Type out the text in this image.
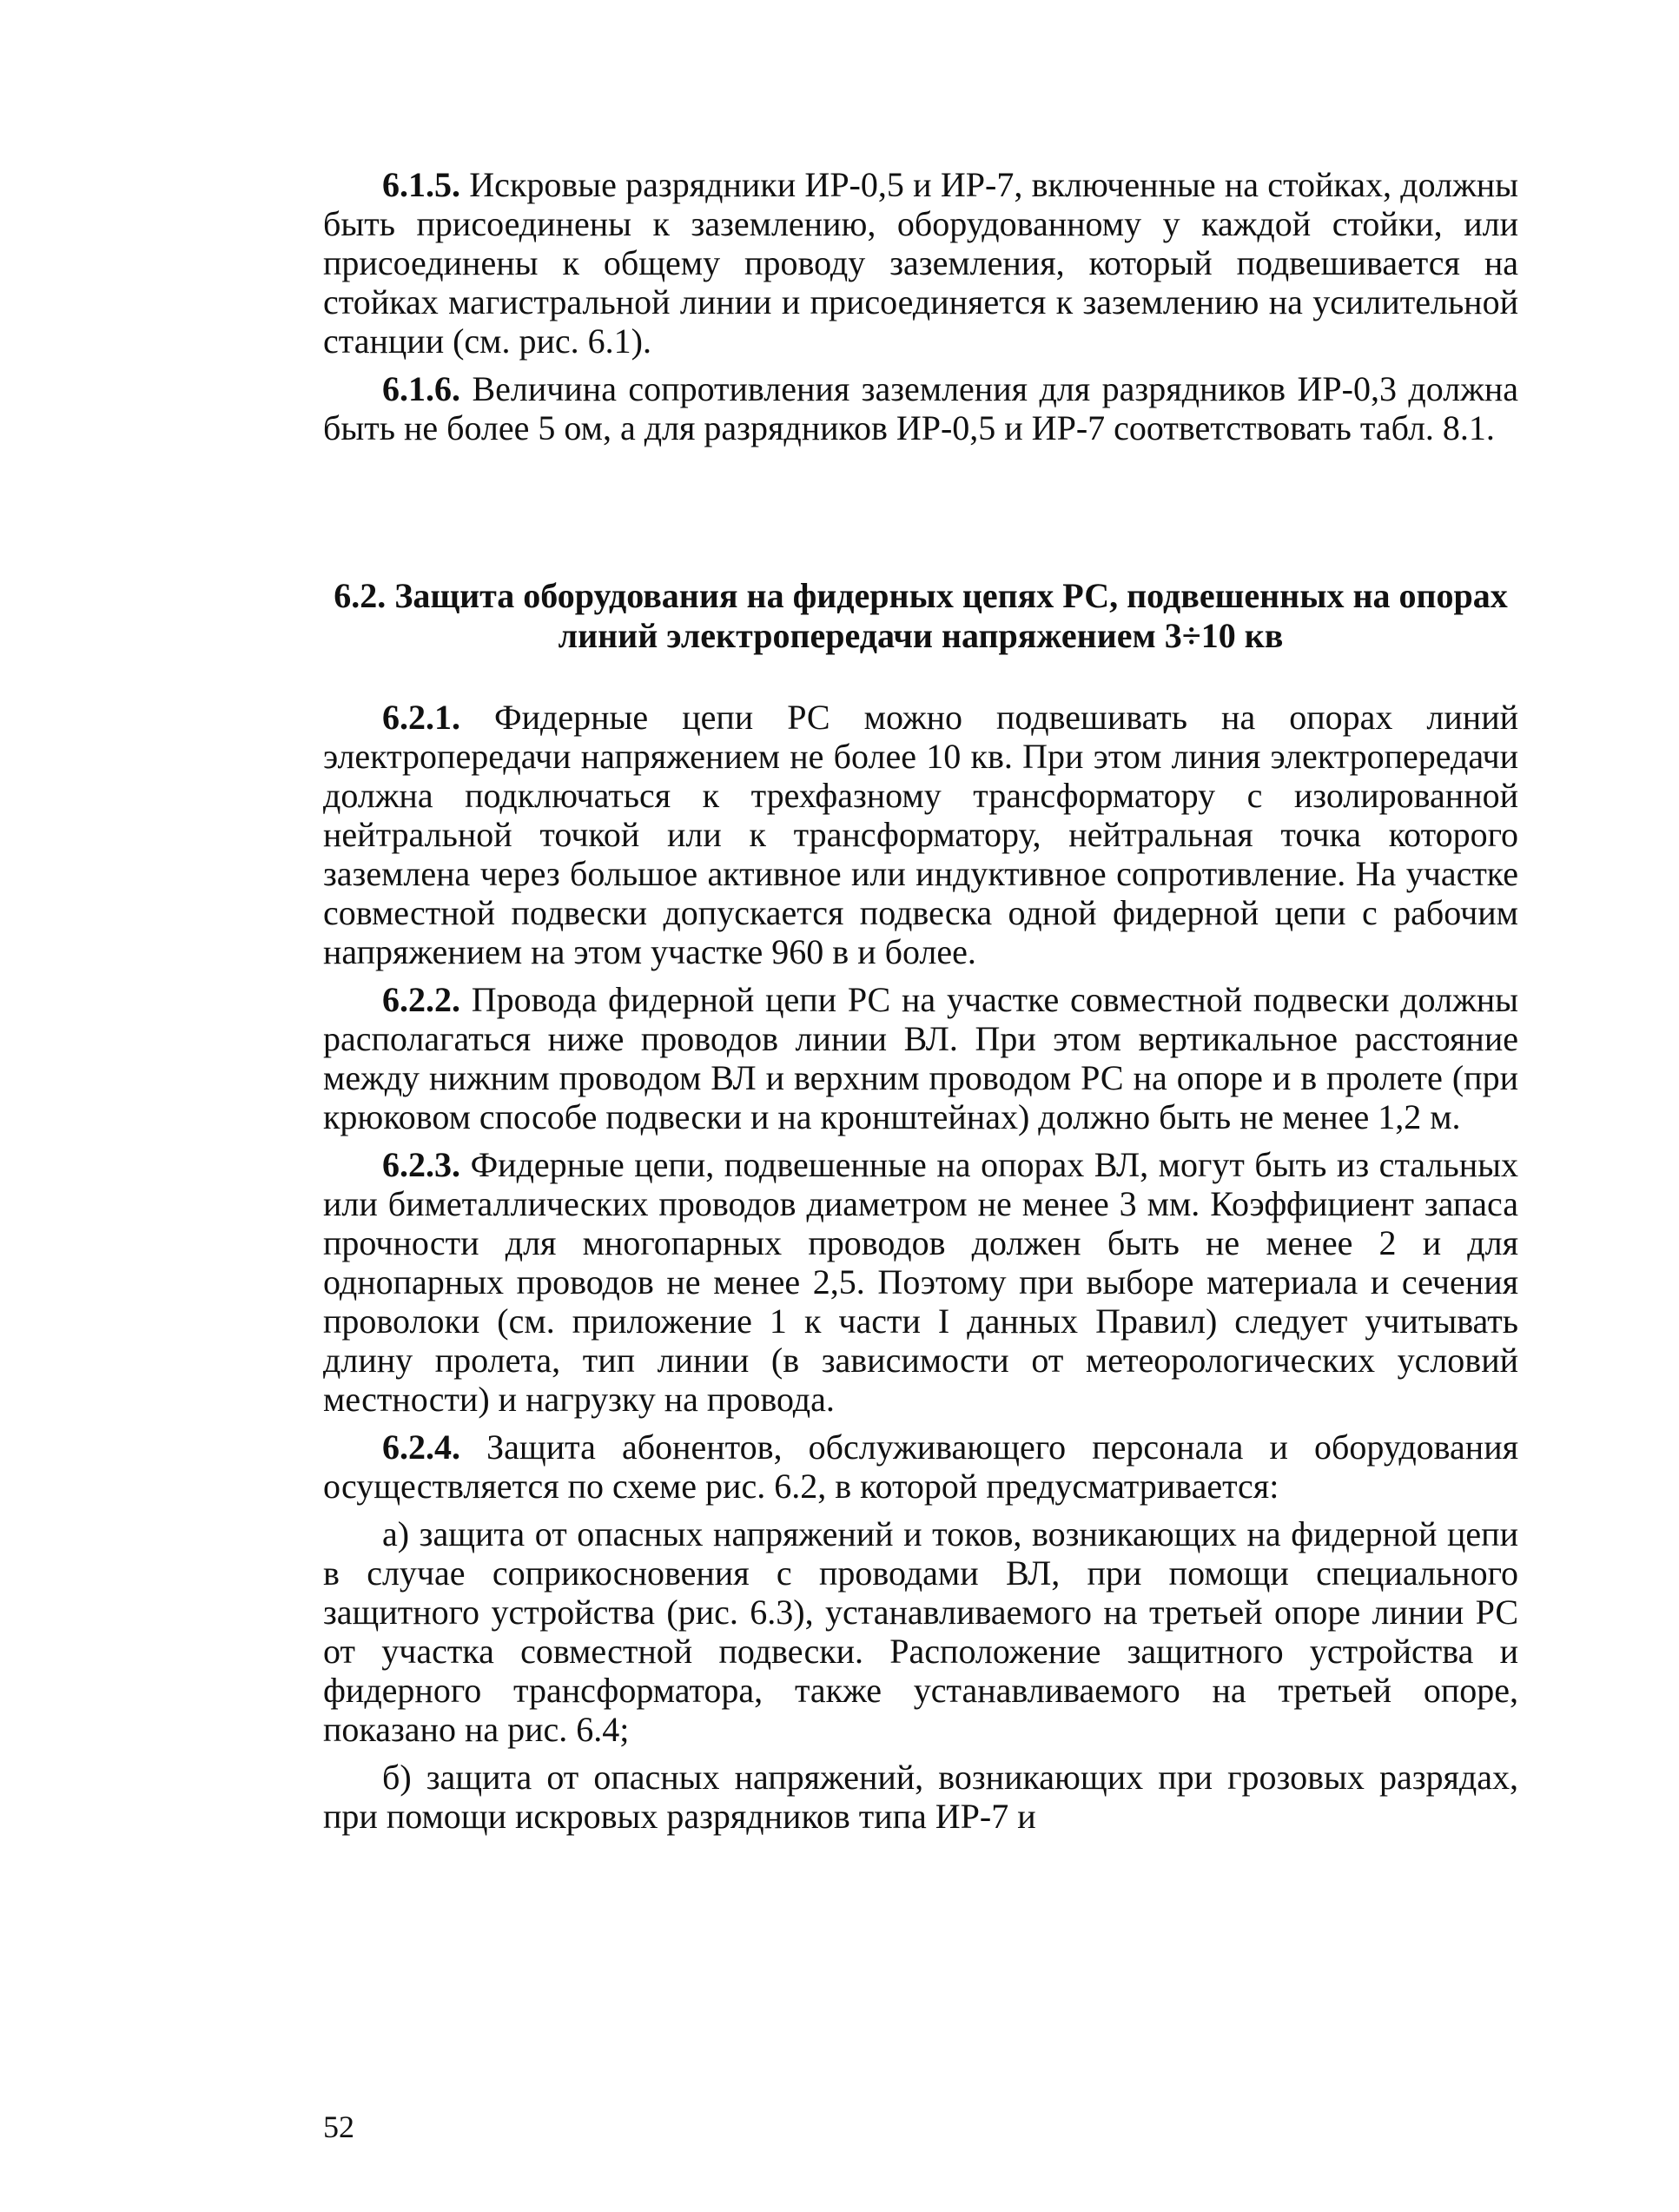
6.1.5. Искровые разрядники ИР-0,5 и ИР-7, включенные на стойках, должны быть присоединены к заземлению, оборудованному у каждой стойки, или присоединены к общему проводу заземления, который подвешивается на стойках магистральной линии и присоединяется к заземлению на усилительной станции (см. рис. 6.1).

6.1.6. Величина сопротивления заземления для разрядников ИР-0,3 должна быть не более 5 ом, а для разрядников ИР-0,5 и ИР-7 соответствовать табл. 8.1.

6.2. Защита оборудования на фидерных цепях РС, подвешенных на опорах линий электропередачи напряжением 3÷10 кв

6.2.1. Фидерные цепи РС можно подвешивать на опорах линий электропередачи напряжением не более 10 кв. При этом линия электропередачи должна подключаться к трехфазному трансформатору с изолированной нейтральной точкой или к трансформатору, нейтральная точка которого заземлена через большое активное или индуктивное сопротивление. На участке совместной подвески допускается подвеска одной фидерной цепи с рабочим напряжением на этом участке 960 в и более.

6.2.2. Провода фидерной цепи РС на участке совместной подвески должны располагаться ниже проводов линии ВЛ. При этом вертикальное расстояние между нижним проводом ВЛ и верхним проводом РС на опоре и в пролете (при крюковом способе подвески и на кронштейнах) должно быть не менее 1,2 м.

6.2.3. Фидерные цепи, подвешенные на опорах ВЛ, могут быть из стальных или биметаллических проводов диаметром не менее 3 мм. Коэффициент запаса прочности для многопарных проводов должен быть не менее 2 и для однопарных проводов не менее 2,5. Поэтому при выборе материала и сечения проволоки (см. приложение 1 к части I данных Правил) следует учитывать длину пролета, тип линии (в зависимости от метеорологических условий местности) и нагрузку на провода.

6.2.4. Защита абонентов, обслуживающего персонала и оборудования осуществляется по схеме рис. 6.2, в которой предусматривается:

а) защита от опасных напряжений и токов, возникающих на фидерной цепи в случае соприкосновения с проводами ВЛ, при помощи специального защитного устройства (рис. 6.3), устанавливаемого на третьей опоре линии РС от участка совместной подвески. Расположение защитного устройства и фидерного трансформатора, также устанавливаемого на третьей опоре, показано на рис. 6.4;

б) защита от опасных напряжений, возникающих при грозовых разрядах, при помощи искровых разрядников типа ИР-7 и

52
